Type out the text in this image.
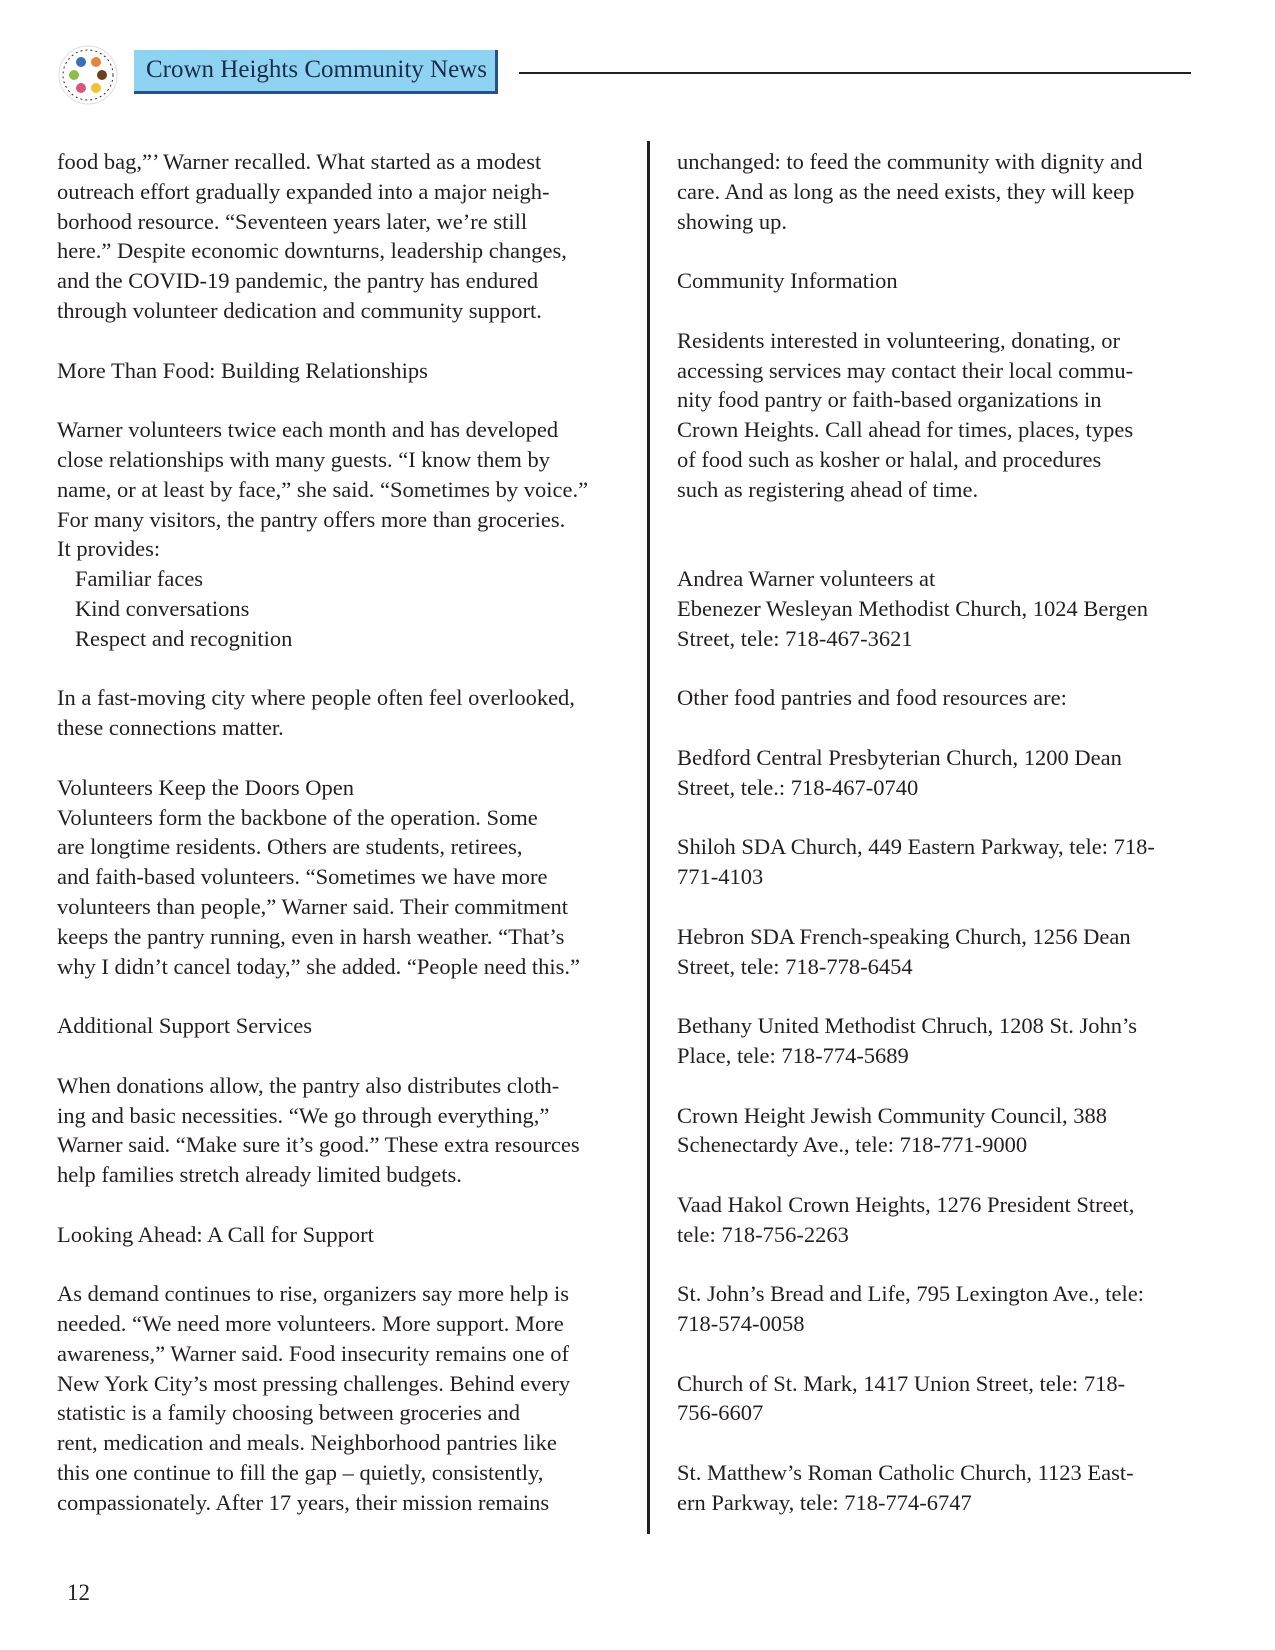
Crown Heights Community News
food bag,”’ Warner recalled. What started as a modest
outreach effort gradually expanded into a major neigh-
borhood resource. “Seventeen years later, we’re still
here.” Despite economic downturns, leadership changes,
and the COVID-19 pandemic, the pantry has endured
through volunteer dedication and community support.
More Than Food: Building Relationships
Warner volunteers twice each month and has developed
close relationships with many guests. “I know them by
name, or at least by face,” she said. “Sometimes by voice.”
For many visitors, the pantry offers more than groceries.
It provides:
Familiar faces
Kind conversations
Respect and recognition
In a fast-moving city where people often feel overlooked,
these connections matter.
Volunteers Keep the Doors Open
Volunteers form the backbone of the operation. Some
are longtime residents. Others are students, retirees,
and faith-based volunteers. “Sometimes we have more
volunteers than people,” Warner said. Their commitment
keeps the pantry running, even in harsh weather. “That’s
why I didn’t cancel today,” she added. “People need this.”
Additional Support Services
When donations allow, the pantry also distributes cloth-
ing and basic necessities. “We go through everything,”
Warner said. “Make sure it’s good.” These extra resources
help families stretch already limited budgets.
Looking Ahead: A Call for Support
As demand continues to rise, organizers say more help is
needed. “We need more volunteers. More support. More
awareness,” Warner said. Food insecurity remains one of
New York City’s most pressing challenges. Behind every
statistic is a family choosing between groceries and
rent, medication and meals. Neighborhood pantries like
this one continue to fill the gap – quietly, consistently,
compassionately. After 17 years, their mission remains
unchanged: to feed the community with dignity and
care. And as long as the need exists, they will keep
showing up.
Community Information
Residents interested in volunteering, donating, or
accessing services may contact their local commu-
nity food pantry or faith-based organizations in
Crown Heights. Call ahead for times, places, types
of food such as kosher or halal, and procedures
such as registering ahead of time.
Andrea Warner volunteers at
Ebenezer Wesleyan Methodist Church, 1024 Bergen
Street, tele: 718-467-3621
Other food pantries and food resources are:
Bedford Central Presbyterian Church, 1200 Dean
Street, tele.: 718-467-0740
Shiloh SDA Church, 449 Eastern Parkway, tele: 718-
771-4103
Hebron SDA French-speaking Church, 1256 Dean
Street, tele: 718-778-6454
Bethany United Methodist Chruch, 1208 St. John’s
Place, tele: 718-774-5689
Crown Height Jewish Community Council, 388
Schenectardy Ave., tele: 718-771-9000
Vaad Hakol Crown Heights, 1276 President Street,
tele: 718-756-2263
St. John’s Bread and Life, 795 Lexington Ave., tele:
718-574-0058
Church of St. Mark, 1417 Union Street, tele: 718-
756-6607
St. Matthew’s Roman Catholic Church, 1123 East-
ern Parkway, tele: 718-774-6747
12
